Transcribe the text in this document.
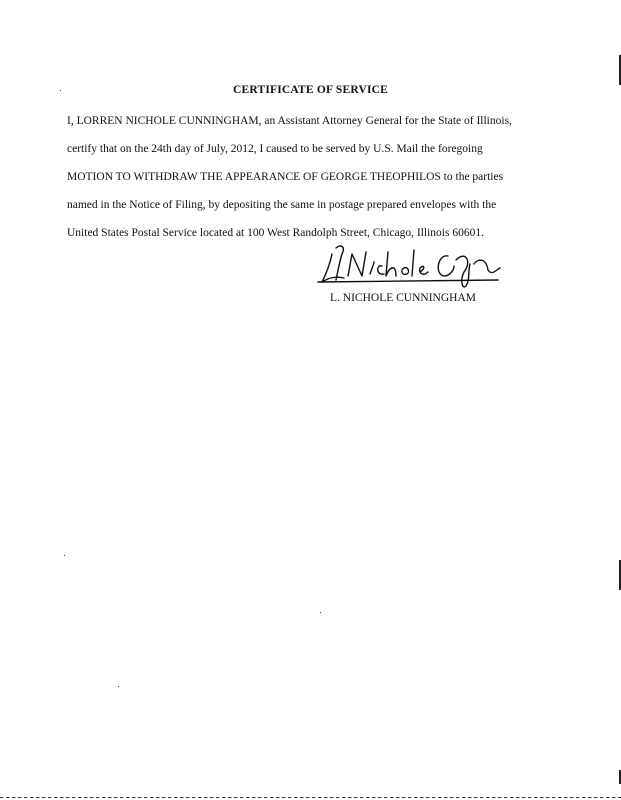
CERTIFICATE OF SERVICE
I, LORREN NICHOLE CUNNINGHAM, an Assistant Attorney General for the State of Illinois,
certify that on the 24th day of July, 2012, I caused to be served by U.S. Mail the foregoing
MOTION TO WITHDRAW THE APPEARANCE OF GEORGE THEOPHILOS to the parties
named in the Notice of Filing, by depositing the same in postage prepared envelopes with the
United States Postal Service located at 100 West Randolph Street, Chicago, Illinois 60601.
L. NICHOLE CUNNINGHAM
